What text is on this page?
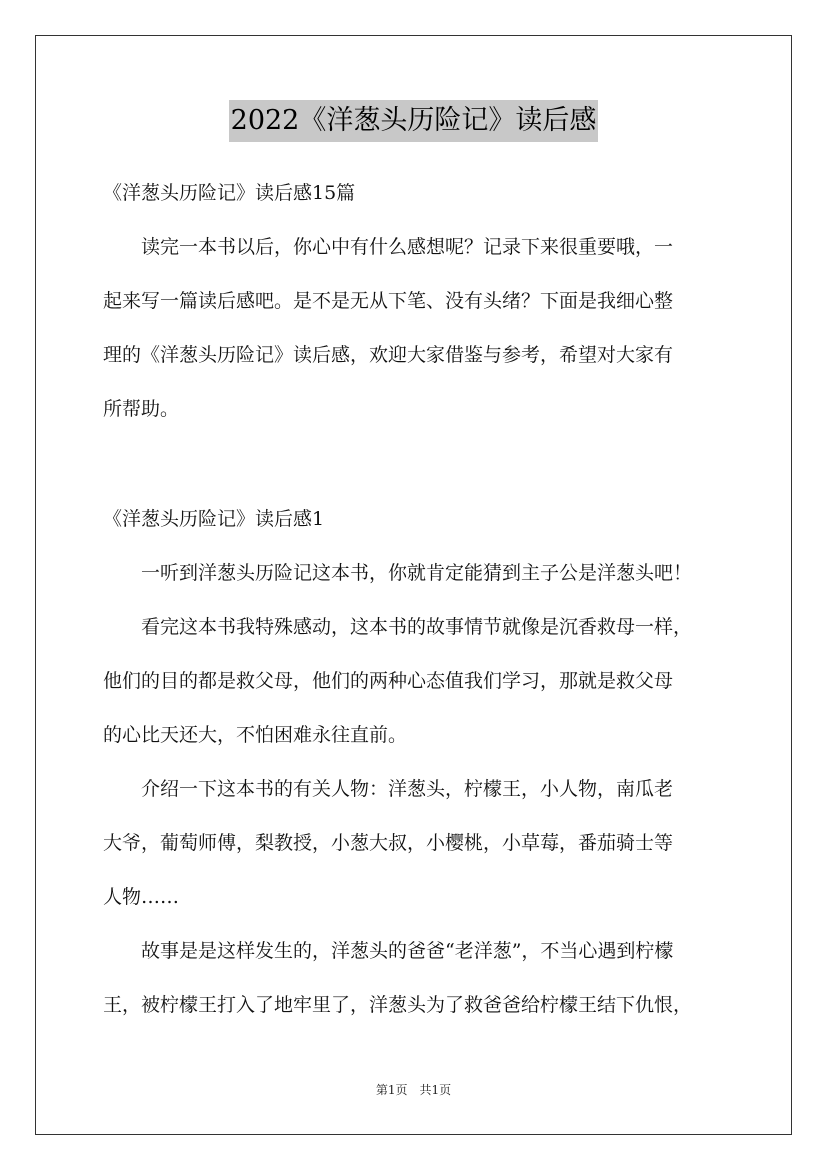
2022《洋葱头历险记》读后感
《洋葱头历险记》读后感15篇
　　读完一本书以后，你心中有什么感想呢？记录下来很重要哦，一
起来写一篇读后感吧。是不是无从下笔、没有头绪？下面是我细心整
理的《洋葱头历险记》读后感，欢迎大家借鉴与参考，希望对大家有
所帮助。
《洋葱头历险记》读后感1
　　一听到洋葱头历险记这本书，你就肯定能猜到主子公是洋葱头吧！
　　看完这本书我特殊感动，这本书的故事情节就像是沉香救母一样，
他们的目的都是救父母，他们的两种心态值我们学习，那就是救父母
的心比天还大，不怕困难永往直前。
　　介绍一下这本书的有关人物：洋葱头，柠檬王，小人物，南瓜老
大爷，葡萄师傅，梨教授，小葱大叔，小樱桃，小草莓，番茄骑士等
人物……
　　故事是是这样发生的，洋葱头的爸爸“老洋葱”，不当心遇到柠檬
王，被柠檬王打入了地牢里了，洋葱头为了救爸爸给柠檬王结下仇恨，
第1页　共1页
